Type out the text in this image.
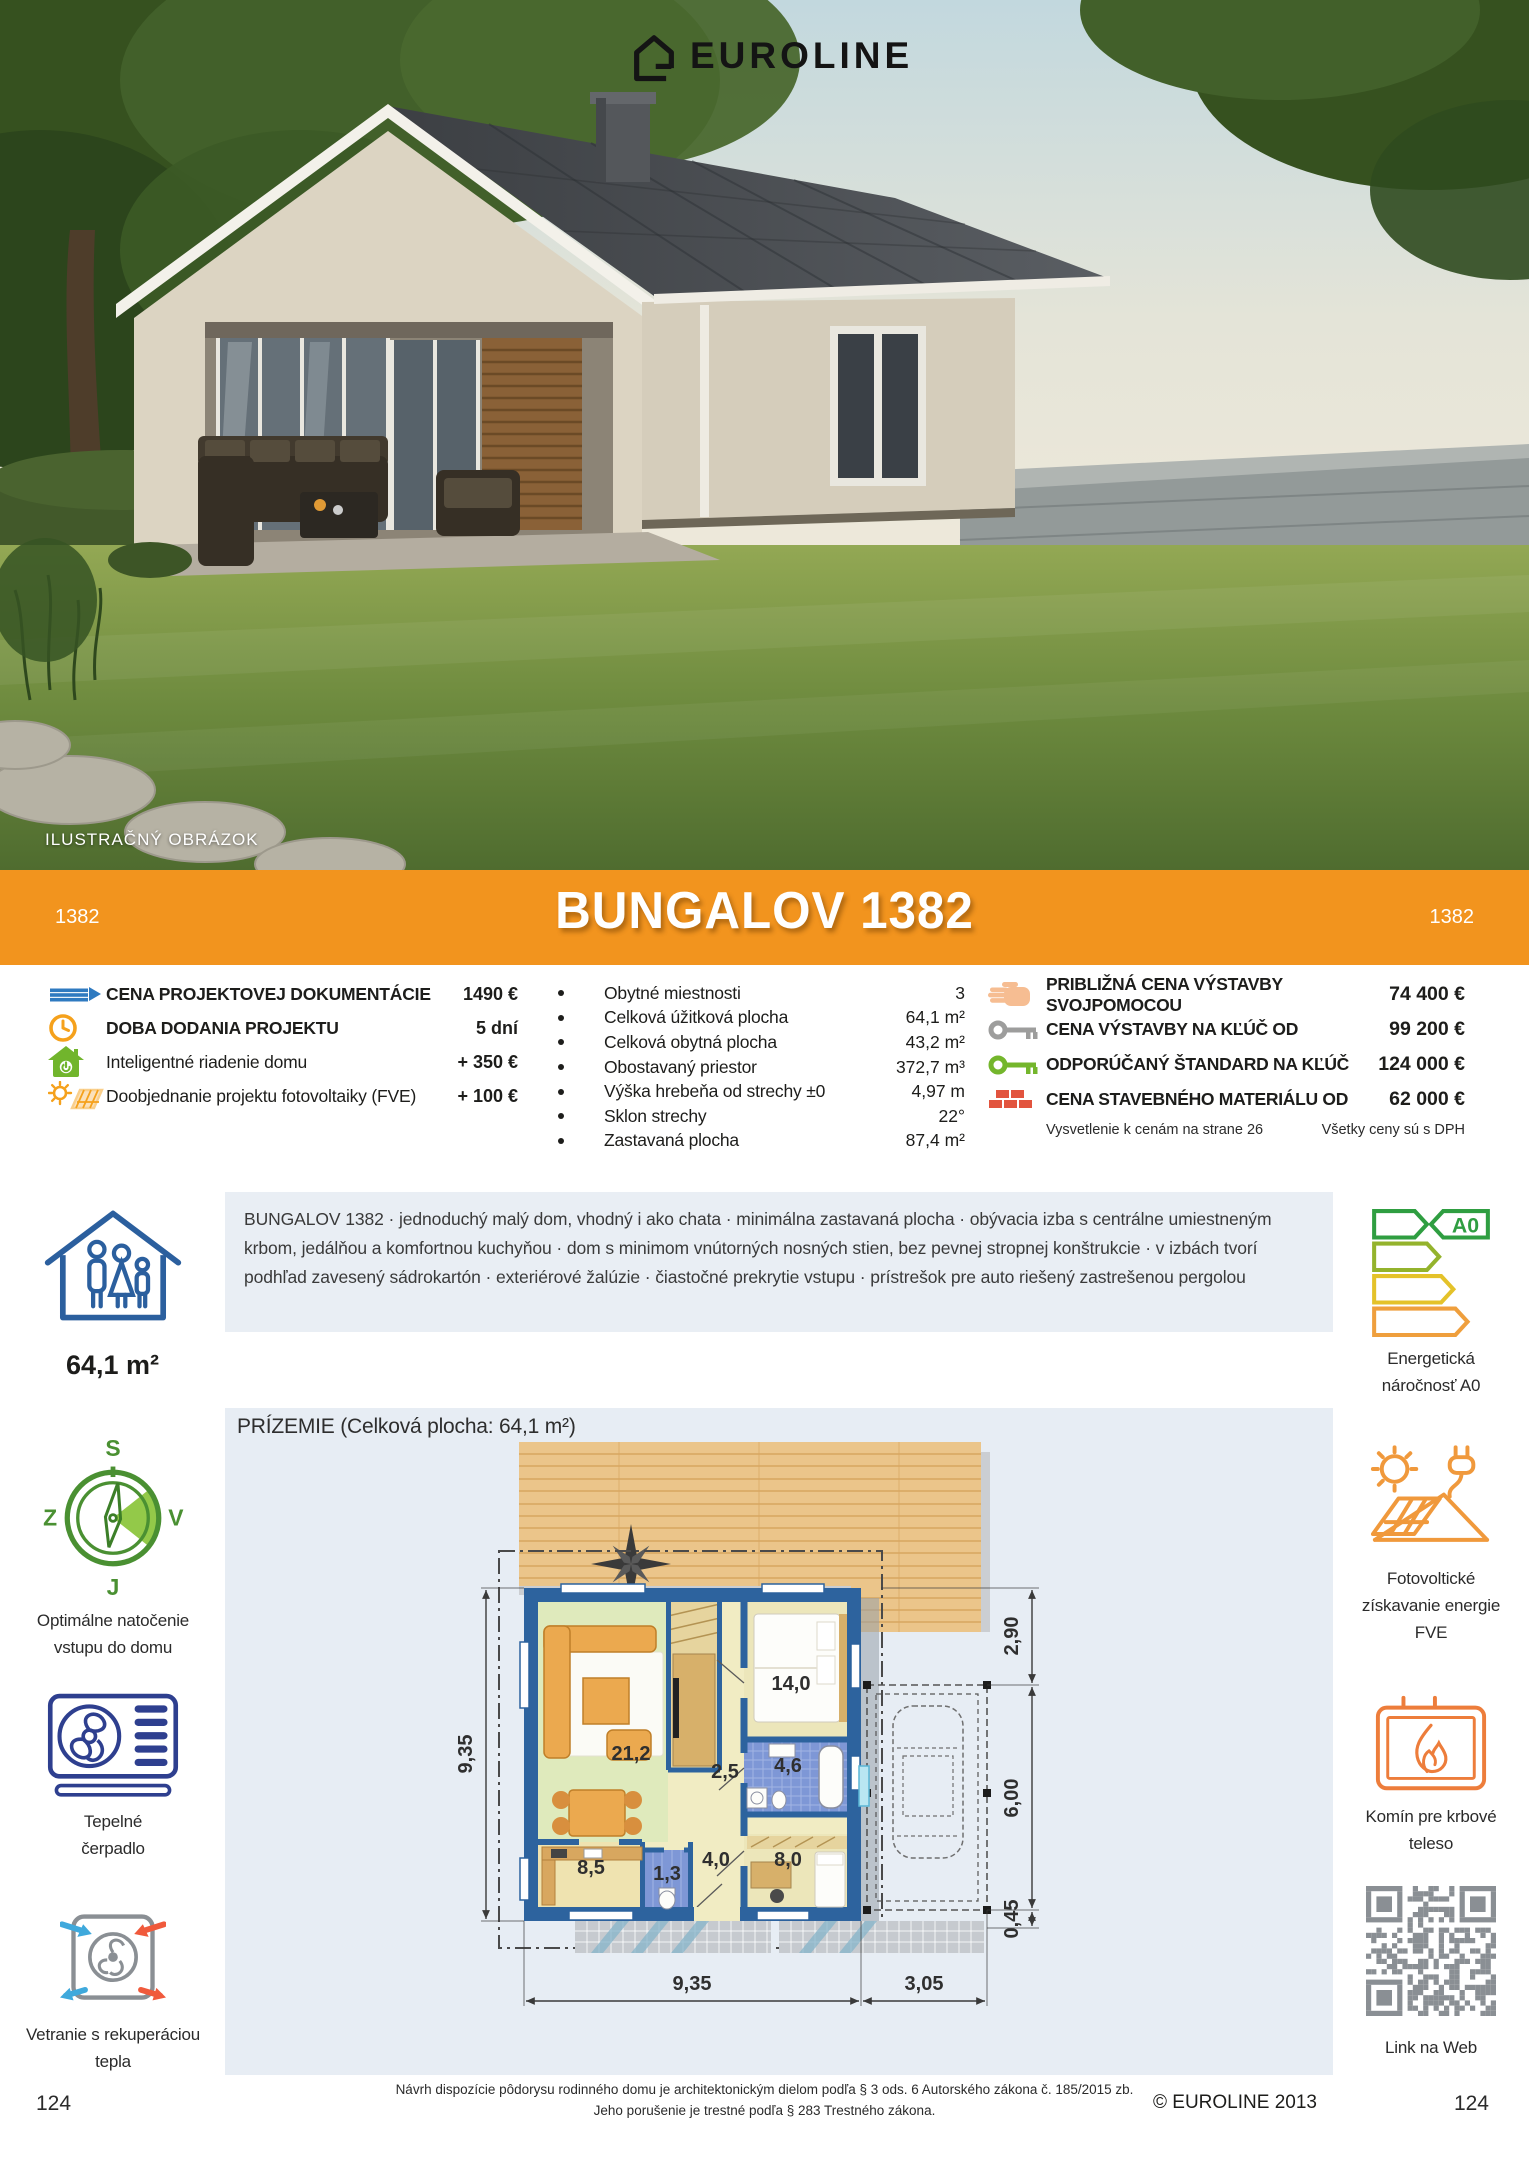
EUROLINE
ILUSTRAČNÝ OBRÁZOK
1382	BUNGALOV 1382	1382
CENA PROJEKTOVEJ DOKUMENTÁCIE	1490 €
DOBA DODANIA PROJEKTU	5 dní
Inteligentné riadenie domu	+ 350 €
Doobjednanie projektu fotovoltaiky (FVE)	+ 100 €
Obytné miestnosti	3
Celková úžitková plocha	64,1 m²
Celková obytná plocha	43,2 m²
Obostavaný priestor	372,7 m³
Výška hrebeňa od strechy ±0	4,97 m
Sklon strechy	22°
Zastavaná plocha	87,4 m²
PRIBLIŽNÁ CENA VÝSTAVBY SVOJPOMOCOU	74 400 €
CENA VÝSTAVBY NA KĽÚČ OD	99 200 €
ODPORÚČANÝ ŠTANDARD NA KĽÚČ	124 000 €
CENA STAVEBNÉHO MATERIÁLU OD	62 000 €
Vysvetlenie k cenám na strane 26	Všetky ceny sú s DPH
BUNGALOV 1382 · jednoduchý malý dom, vhodný i ako chata · minimálna zastavaná plocha · obývacia izba s centrálne umiestneným krbom, jedálňou a komfortnou kuchyňou · dom s minimom vnútorných nosných stien, bez pevnej stropnej konštrukcie · v izbách tvorí podhľad zavesený sádrokartón · exteriérové žalúzie · čiastočné prekrytie vstupu · prístrešok pre auto riešený zastrešenou pergolou
64,1 m²
S
V
J
Z
Optimálne natočenie vstupu do domu
Tepelné čerpadlo
Vetranie s rekuperáciou tepla
124
PRÍZEMIE (Celková plocha: 64,1 m²)
9,35
9,35	3,05
2,90
6,00
0,45
21,2
14,0
2,5 4,6
8,5 1,3
4,0 8,0
A0
Energetická náročnosť A0
Fotovoltické získavanie energie FVE
Komín pre krbové teleso
Link na Web
124
Návrh dispozície pôdorysu rodinného domu je architektonickým dielom podľa § 3 ods. 6 Autorského zákona č. 185/2015 zb.
Jeho porušenie je trestné podľa § 283 Trestného zákona.	© EUROLINE 2013
